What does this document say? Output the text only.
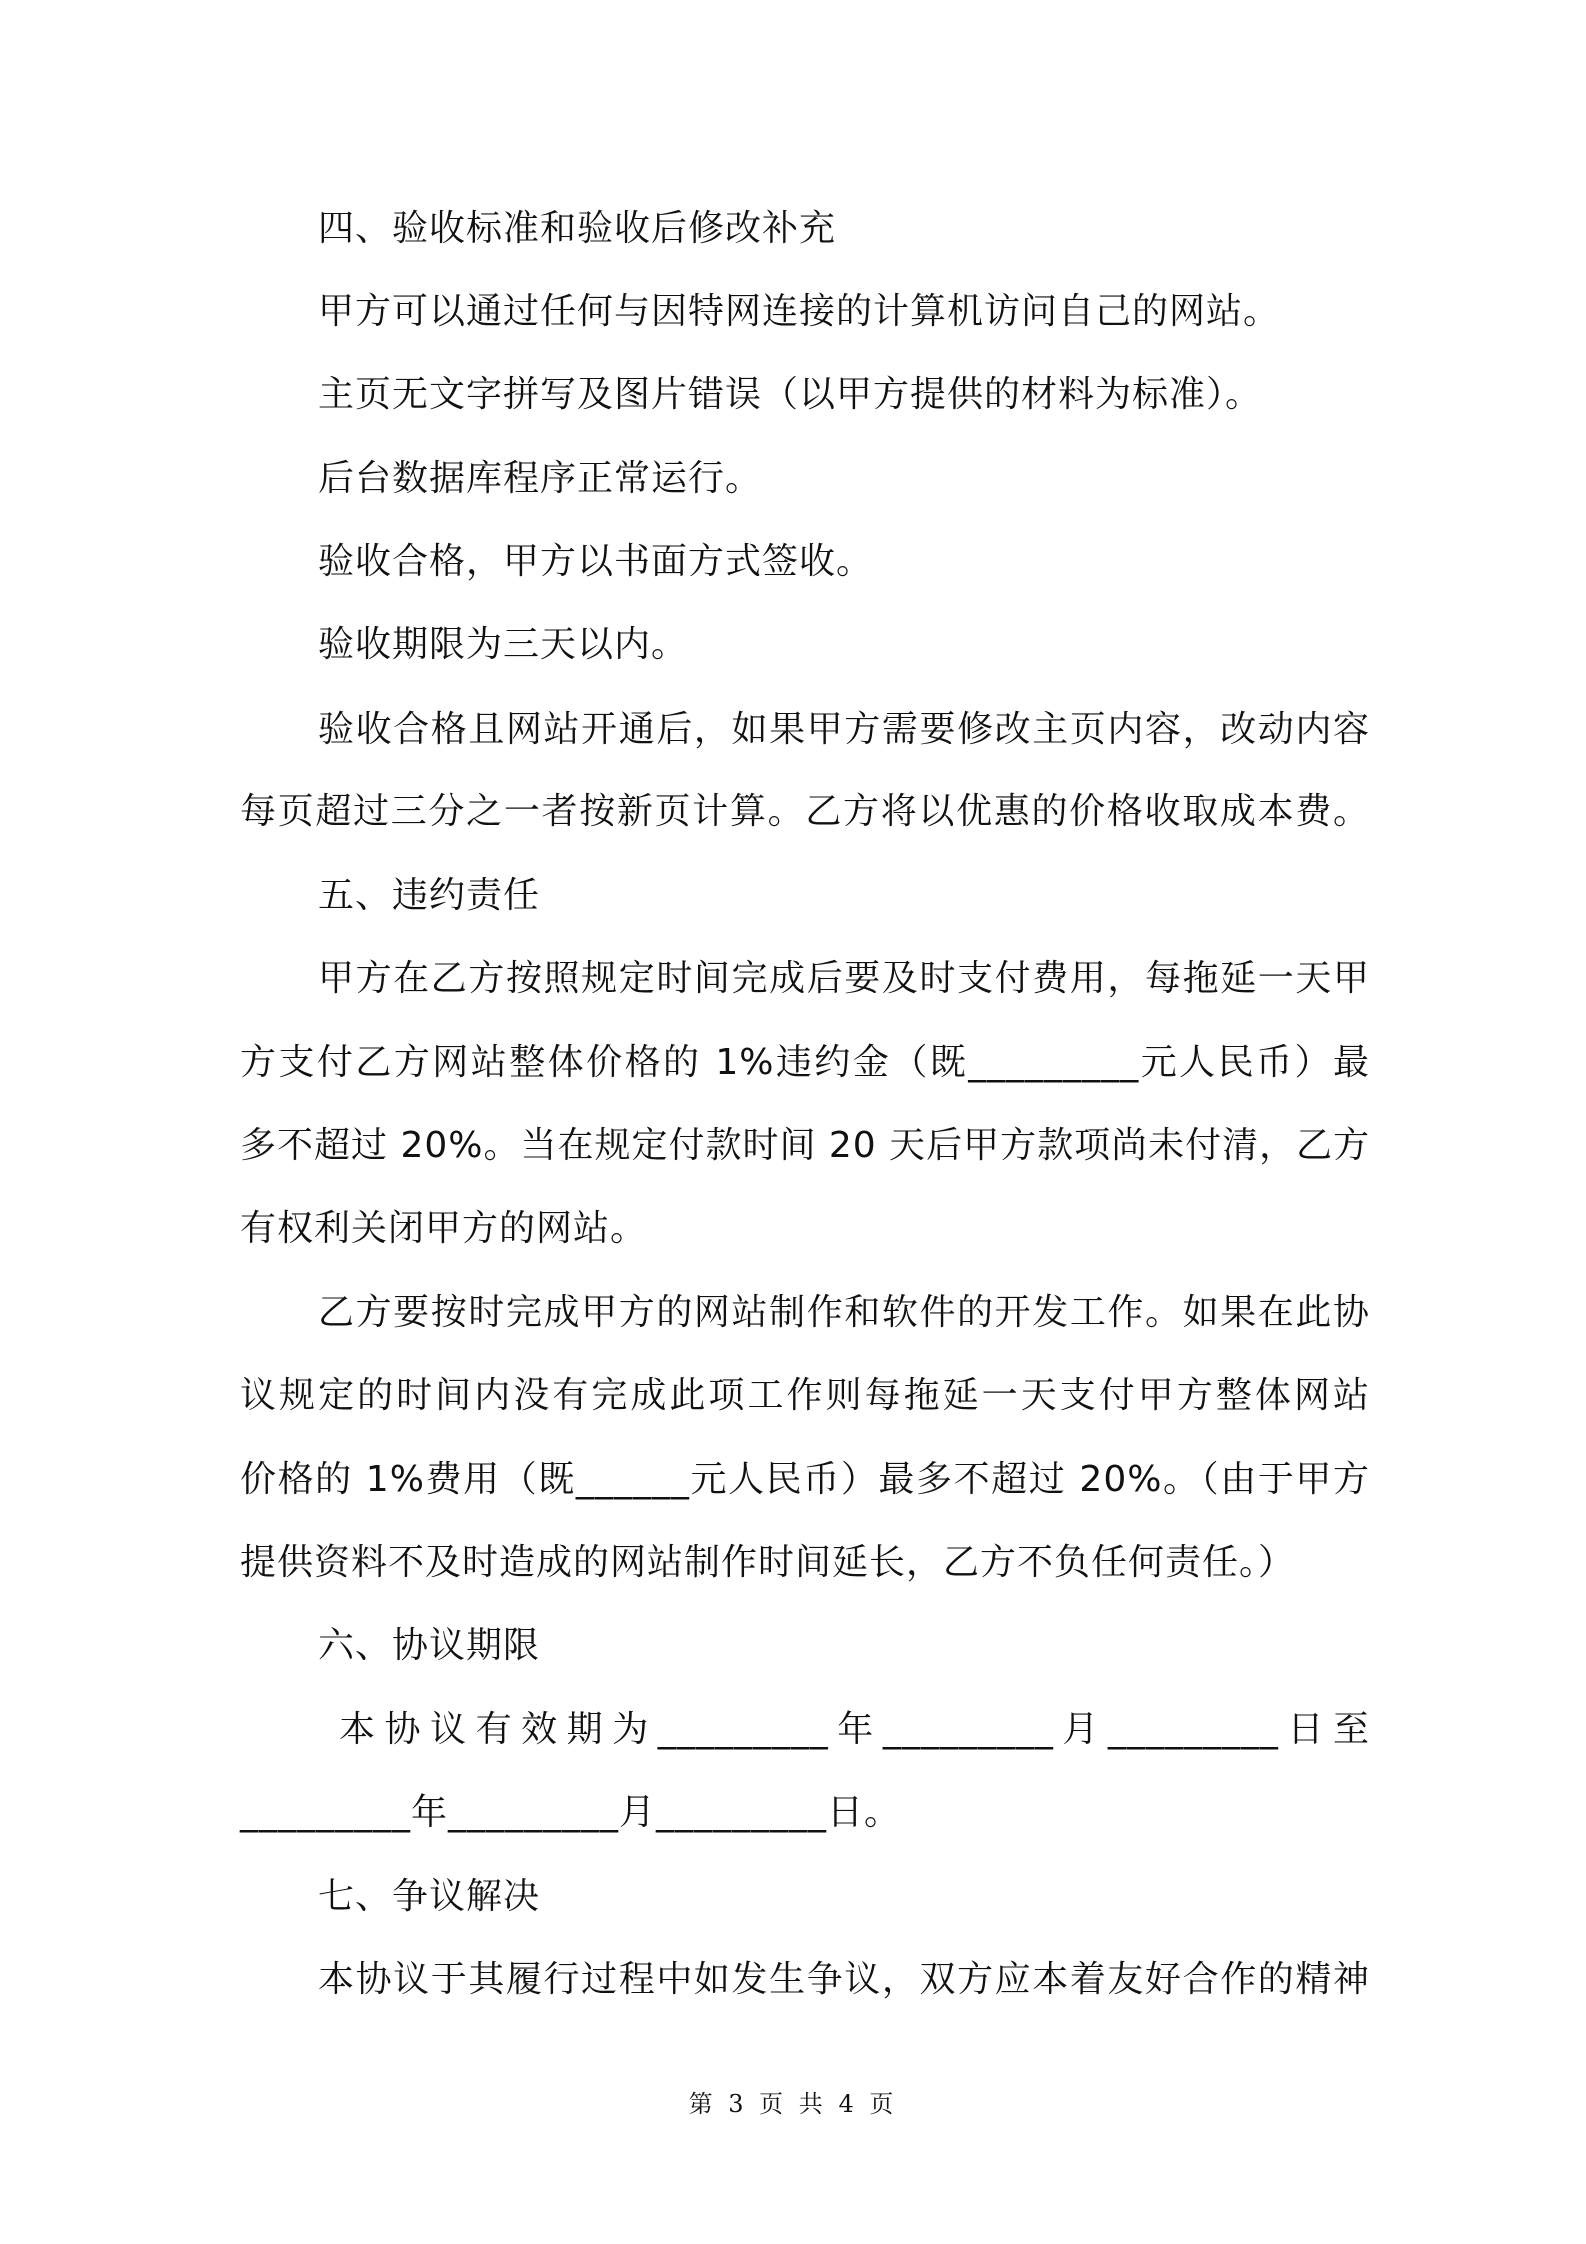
四、验收标准和验收后修改补充
甲方可以通过任何与因特网连接的计算机访问自己的网站。
主页无文字拼写及图片错误（以甲方提供的材料为标准）。
后台数据库程序正常运行。
验收合格，甲方以书面方式签收。
验收期限为三天以内。
验收合格且网站开通后，如果甲方需要修改主页内容，改动内容
每页超过三分之一者按新页计算。乙方将以优惠的价格收取成本费。
五、违约责任
甲方在乙方按照规定时间完成后要及时支付费用，每拖延一天甲
方支付乙方网站整体价格的 1%违约金（既_________元人民币）最
多不超过 20%。当在规定付款时间 20 天后甲方款项尚未付清，乙方
有权利关闭甲方的网站。
乙方要按时完成甲方的网站制作和软件的开发工作。如果在此协
议规定的时间内没有完成此项工作则每拖延一天支付甲方整体网站
价格的 1%费用（既______元人民币）最多不超过 20%。（由于甲方
提供资料不及时造成的网站制作时间延长，乙方不负任何责任。）
六、协议期限
本协议有效期为_________年_________月_________日至
_________年_________月_________日。
七、争议解决
本协议于其履行过程中如发生争议，双方应本着友好合作的精神
第 3 页 共 4 页
